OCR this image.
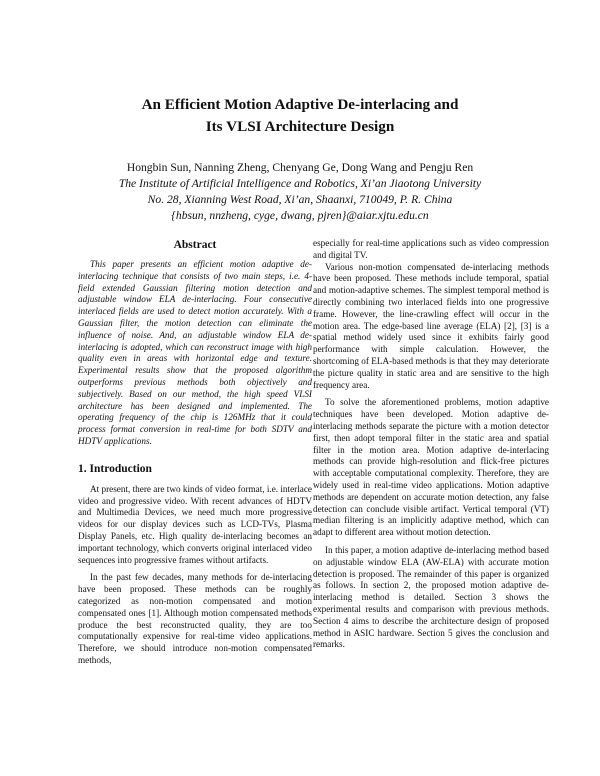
An Efficient Motion Adaptive De-interlacing and
Its VLSI Architecture Design
Hongbin Sun, Nanning Zheng, Chenyang Ge, Dong Wang and Pengju Ren
The Institute of Artificial Intelligence and Robotics, Xi’an Jiaotong University
No. 28, Xianning West Road, Xi’an, Shaanxi, 710049, P. R. China
{hbsun, nnzheng, cyge, dwang, pjren}@aiar.xjtu.edu.cn
Abstract

This paper presents an efficient motion adaptive de-interlacing technique that consists of two main steps, i.e. 4-field extended Gaussian filtering motion detection and adjustable window ELA de-interlacing. Four consecutive interlaced fields are used to detect motion accurately. With a Gaussian filter, the motion detection can eliminate the influence of noise. And, an adjustable window ELA de-interlacing is adopted, which can reconstruct image with high quality even in areas with horizontal edge and texture. Experimental results show that the proposed algorithm outperforms previous methods both objectively and subjectively. Based on our method, the high speed VLSI architecture has been designed and implemented. The operating frequency of the chip is 126MHz that it could process format conversion in real-time for both SDTV and HDTV applications.

1. Introduction

At present, there are two kinds of video format, i.e. interlace video and progressive video. With recent advances of HDTV and Multimedia Devices, we need much more progressive videos for our display devices such as LCD-TVs, Plasma Display Panels, etc. High quality de-interlacing becomes an important technology, which converts original interlaced video sequences into progressive frames without artifacts.

In the past few decades, many methods for de-interlacing have been proposed. These methods can be roughly categorized as non-motion compensated and motion compensated ones [1]. Although motion compensated methods produce the best reconstructed quality, they are too computationally expensive for real-time video applications. Therefore, we should introduce non-motion compensated methods,

especially for real-time applications such as video compression and digital TV.

Various non-motion compensated de-interlacing methods have been proposed. These methods include temporal, spatial and motion-adaptive schemes. The simplest temporal method is directly combining two interlaced fields into one progressive frame. However, the line-crawling effect will occur in the motion area. The edge-based line average (ELA) [2], [3] is a spatial method widely used since it exhibits fairly good performance with simple calculation. However, the shortcoming of ELA-based methods is that they may deteriorate the picture quality in static area and are sensitive to the high frequency area.

To solve the aforementioned problems, motion adaptive techniques have been developed. Motion adaptive de-interlacing methods separate the picture with a motion detector first, then adopt temporal filter in the static area and spatial filter in the motion area. Motion adaptive de-interlacing methods can provide high-resolution and flick-free pictures with acceptable computational complexity. Therefore, they are widely used in real-time video applications. Motion adaptive methods are dependent on accurate motion detection, any false detection can conclude visible artifact. Vertical temporal (VT) median filtering is an implicitly adaptive method, which can adapt to different area without motion detection.

In this paper, a motion adaptive de-interlacing method based on adjustable window ELA (AW-ELA) with accurate motion detection is proposed. The remainder of this paper is organized as follows. In section 2, the proposed motion adaptive de-interlacing method is detailed. Section 3 shows the experimental results and comparison with previous methods. Section 4 aims to describe the architecture design of proposed method in ASIC hardware. Section 5 gives the conclusion and remarks.
